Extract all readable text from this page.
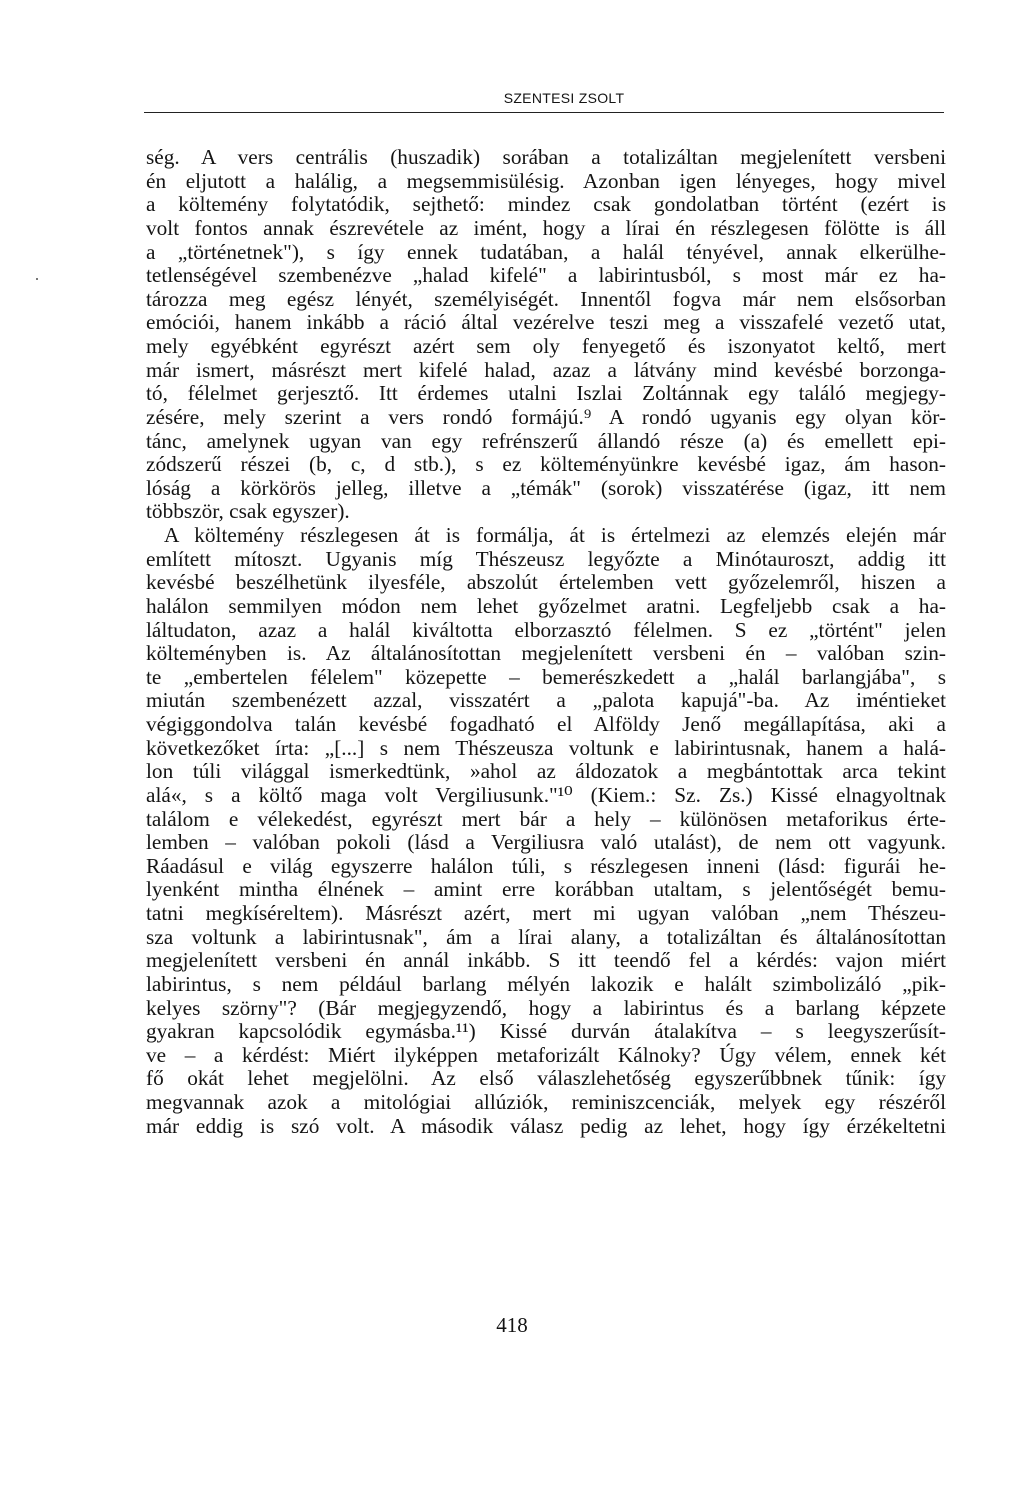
SZENTESI ZSOLT
ség. A vers centrális (huszadik) sorában a totalizáltan megjelenített versbeni
én eljutott a halálig, a megsemmisülésig. Azonban igen lényeges, hogy mivel
a költemény folytatódik, sejthető: mindez csak gondolatban történt (ezért is
volt fontos annak észrevétele az imént, hogy a lírai én részlegesen fölötte is áll
a „történetnek"), s így ennek tudatában, a halál tényével, annak elkerülhe-
tetlenségével szembenézve „halad kifelé" a labirintusból, s most már ez ha-
tározza meg egész lényét, személyiségét. Innentől fogva már nem elsősorban
emóciói, hanem inkább a ráció által vezérelve teszi meg a visszafelé vezető utat,
mely egyébként egyrészt azért sem oly fenyegető és iszonyatot keltő, mert
már ismert, másrészt mert kifelé halad, azaz a látvány mind kevésbé borzonga-
tó, félelmet gerjesztő. Itt érdemes utalni Iszlai Zoltánnak egy találó megjegy-
zésére, mely szerint a vers rondó formájú.⁹ A rondó ugyanis egy olyan kör-
tánc, amelynek ugyan van egy refrénszerű állandó része (a) és emellett epi-
zódszerű részei (b, c, d stb.), s ez költeményünkre kevésbé igaz, ám hason-
lóság a körkörös jelleg, illetve a „témák" (sorok) visszatérése (igaz, itt nem
többször, csak egyszer).
A költemény részlegesen át is formálja, át is értelmezi az elemzés elején már
említett mítoszt. Ugyanis míg Thészeusz legyőzte a Minótauroszt, addig itt
kevésbé beszélhetünk ilyesféle, abszolút értelemben vett győzelemről, hiszen a
halálon semmilyen módon nem lehet győzelmet aratni. Legfeljebb csak a ha-
láltudaton, azaz a halál kiváltotta elborzasztó félelmen. S ez „történt" jelen
költeményben is. Az általánosítottan megjelenített versbeni én – valóban szin-
te „embertelen félelem" közepette – bemerészkedett a „halál barlangjába", s
miután szembenézett azzal, visszatért a „palota kapujá"-ba. Az iméntieket
végiggondolva talán kevésbé fogadható el Alföldy Jenő megállapítása, aki a
következőket írta: „[...] s nem Thészeusza voltunk e labirintusnak, hanem a halá-
lon túli világgal ismerkedtünk, »ahol az áldozatok a megbántottak arca tekint
alá«, s a költő maga volt Vergiliusunk."¹⁰ (Kiem.: Sz. Zs.) Kissé elnagyoltnak
találom e vélekedést, egyrészt mert bár a hely – különösen metaforikus érte-
lemben – valóban pokoli (lásd a Vergiliusra való utalást), de nem ott vagyunk.
Ráadásul e világ egyszerre halálon túli, s részlegesen inneni (lásd: figurái he-
lyenként mintha élnének – amint erre korábban utaltam, s jelentőségét bemu-
tatni megkíséreltem). Másrészt azért, mert mi ugyan valóban „nem Thészeu-
sza voltunk a labirintusnak", ám a lírai alany, a totalizáltan és általánosítottan
megjelenített versbeni én annál inkább. S itt teendő fel a kérdés: vajon miért
labirintus, s nem például barlang mélyén lakozik e halált szimbolizáló „pik-
kelyes szörny"? (Bár megjegyzendő, hogy a labirintus és a barlang képzete
gyakran kapcsolódik egymásba.¹¹) Kissé durván átalakítva – s leegyszerűsít-
ve – a kérdést: Miért ilyképpen metaforizált Kálnoky? Úgy vélem, ennek két
fő okát lehet megjelölni. Az első válaszlehetőség egyszerűbbnek tűnik: így
megvannak azok a mitológiai allúziók, reminiszcenciák, melyek egy részéről
már eddig is szó volt. A második válasz pedig az lehet, hogy így érzékeltetni
418
